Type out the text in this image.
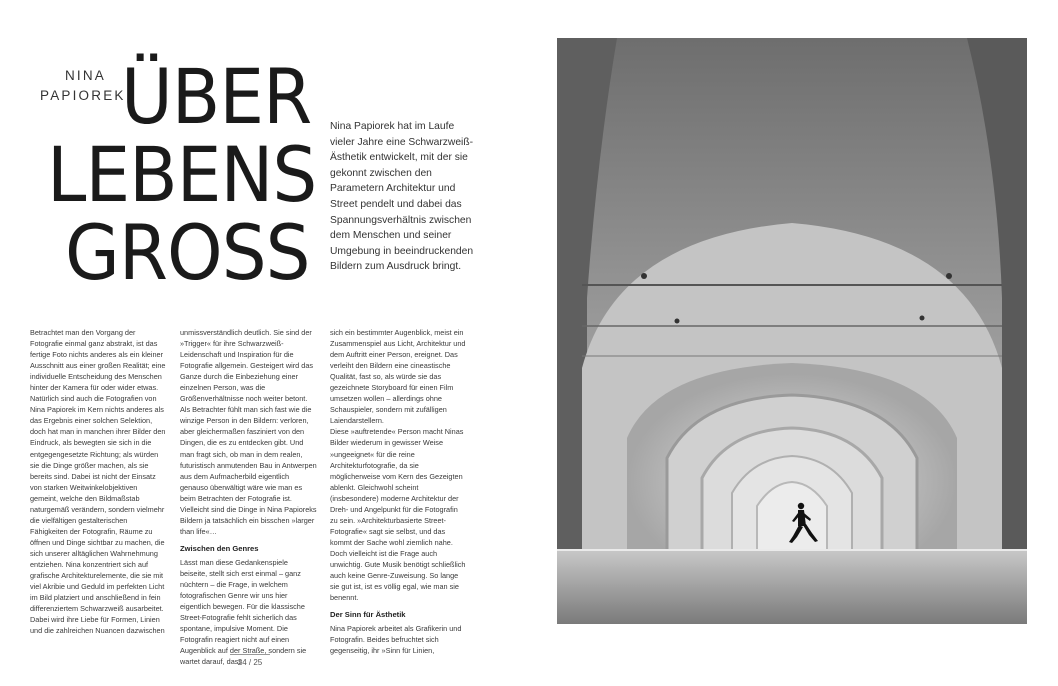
NINA
PAPIOREK
ÜBER
LEBENS
GROSS
Nina Papiorek hat im Laufe vieler Jahre eine Schwarzweiß-Ästhetik entwickelt, mit der sie gekonnt zwischen den Parametern Architektur und Street pendelt und dabei das Spannungsverhältnis zwischen dem Menschen und seiner Umgebung in beeindruckenden Bildern zum Ausdruck bringt.

Betrachtet man den Vorgang der Fotografie einmal ganz abstrakt, ist das fertige Foto nichts anderes als ein kleiner Ausschnitt aus einer großen Realität; eine individuelle Entscheidung des Menschen hinter der Kamera für oder wider etwas. Natürlich sind auch die Fotografien von Nina Papiorek im Kern nichts anderes als das Ergebnis einer solchen Selektion, doch hat man in manchen ihrer Bilder den Eindruck, als bewegten sie sich in die entgegengesetzte Richtung; als würden sie die Dinge größer machen, als sie bereits sind. Dabei ist nicht der Einsatz von starken Weitwinkelobjektiven gemeint, welche den Bildmaßstab naturgemäß verändern, sondern vielmehr die vielfältigen gestalterischen Fähigkeiten der Fotografin, Räume zu öffnen und Dinge sichtbar zu machen, die sich unserer alltäglichen Wahrnehmung entziehen. Nina konzentriert sich auf grafische Architekturelemente, die sie mit viel Akribie und Geduld im perfekten Licht im Bild platziert und anschließend in fein differenziertem Schwarzweiß ausarbeitet. Dabei wird ihre Liebe für Formen, Linien und die zahlreichen Nuancen dazwischen

unmissverständlich deutlich. Sie sind der »Trigger« für ihre Schwarzweiß-Leidenschaft und Inspiration für die Fotografie allgemein. Gesteigert wird das Ganze durch die Einbeziehung einer einzelnen Person, was die Größenverhältnisse noch weiter betont. Als Betrachter fühlt man sich fast wie die winzige Person in den Bildern: verloren, aber gleichermaßen fasziniert von den Dingen, die es zu entdecken gibt. Und man fragt sich, ob man in dem realen, futuristisch anmutenden Bau in Antwerpen aus dem Aufmacherbild eigentlich genauso überwältigt wäre wie man es beim Betrachten der Fotografie ist. Vielleicht sind die Dinge in Nina Papioreks Bildern ja tatsächlich ein bisschen »larger than life«…

Zwischen den Genres

Lässt man diese Gedankenspiele beiseite, stellt sich erst einmal – ganz nüchtern – die Frage, in welchem fotografischen Genre wir uns hier eigentlich bewegen. Für die klassische Street-Fotografie fehlt sicherlich das spontane, impulsive Moment. Die Fotografin reagiert nicht auf einen Augenblick auf der Straße, sondern sie wartet darauf, dass

sich ein bestimmter Augenblick, meist ein Zusammenspiel aus Licht, Architektur und dem Auftritt einer Person, ereignet. Das verleiht den Bildern eine cineastische Qualität, fast so, als würde sie das gezeichnete Storyboard für einen Film umsetzen wollen – allerdings ohne Schauspieler, sondern mit zufälligen Laiendarstellern.

Diese »auftretende« Person macht Ninas Bilder wiederum in gewisser Weise »ungeeignet« für die reine Architekturfotografie, da sie möglicherweise vom Kern des Gezeigten ablenkt. Gleichwohl scheint (insbesondere) moderne Architektur der Dreh- und Angelpunkt für die Fotografin zu sein. »Architekturbasierte Street-Fotografie« sagt sie selbst, und das kommt der Sache wohl ziemlich nahe. Doch vielleicht ist die Frage auch unwichtig. Gute Musik benötigt schließlich auch keine Genre-Zuweisung. So lange sie gut ist, ist es völlig egal, wie man sie benennt.

Der Sinn für Ästhetik

Nina Papiorek arbeitet als Grafikerin und Fotografin. Beides befruchtet sich gegenseitig, ihr »Sinn für Linien,

24 / 25
